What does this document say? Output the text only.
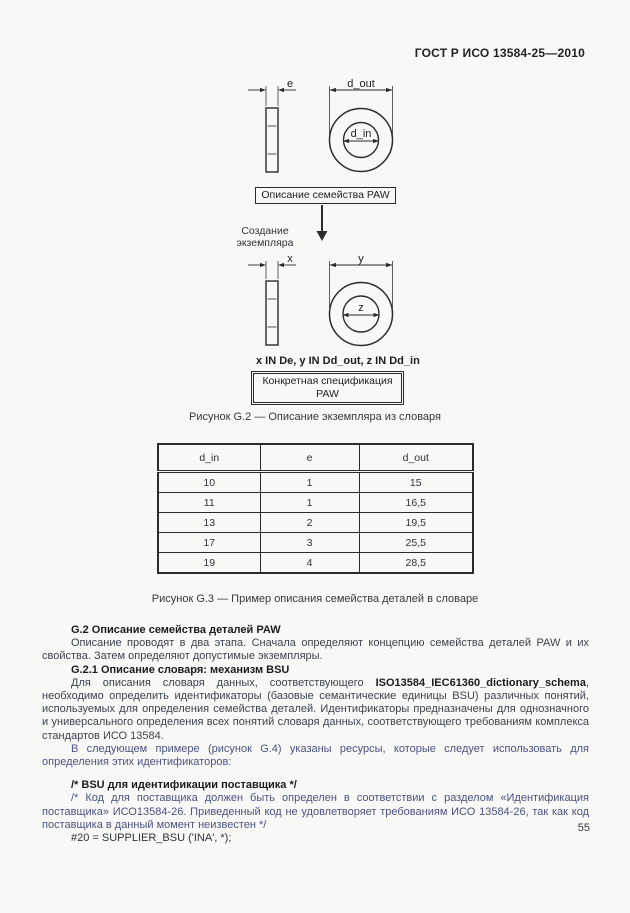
ГОСТ Р ИСО 13584-25—2010
e	d_out
d_in
x	y
z
Описание семейства PAW
Создание
экземпляра
x IN De, y IN Dd_out, z IN Dd_in
Конкретная спецификация PAW
Рисунок G.2 — Описание экземпляра из словаря
d_in	e	d_out
10	1	15
11	1	16,5
13	2	19,5
17	3	25,5
19	4	28,5
Рисунок G.3 — Пример описания семейства деталей в словаре

G.2 Описание семейства деталей PAW

Описание проводят в два этапа. Сначала определяют концепцию семейства деталей PAW и их свойства. Затем определяют допустимые экземпляры.

G.2.1 Описание словаря: механизм BSU

Для описания словаря данных, соответствующего ISO13584_IEC61360_dictionary_schema, необходимо определить идентификаторы (базовые семантические единицы BSU) различных понятий, используемых для определения семейства деталей. Идентификаторы предназначены для однозначного и универсального определения всех понятий словаря данных, соответствующего требованиям комплекса стандартов ИСО 13584.

В следующем примере (рисунок G.4) указаны ресурсы, которые следует использовать для определения этих идентификаторов:

/* BSU для идентификации поставщика */

/* Код для поставщика должен быть определен в соответствии с разделом «Идентификация поставщика» ИСО13584-26. Приведенный код не удовлетворяет требованиям ИСО 13584-26, так как код поставщика в данный момент неизвестен */

#20 = SUPPLIER_BSU ('INA', *);

55
